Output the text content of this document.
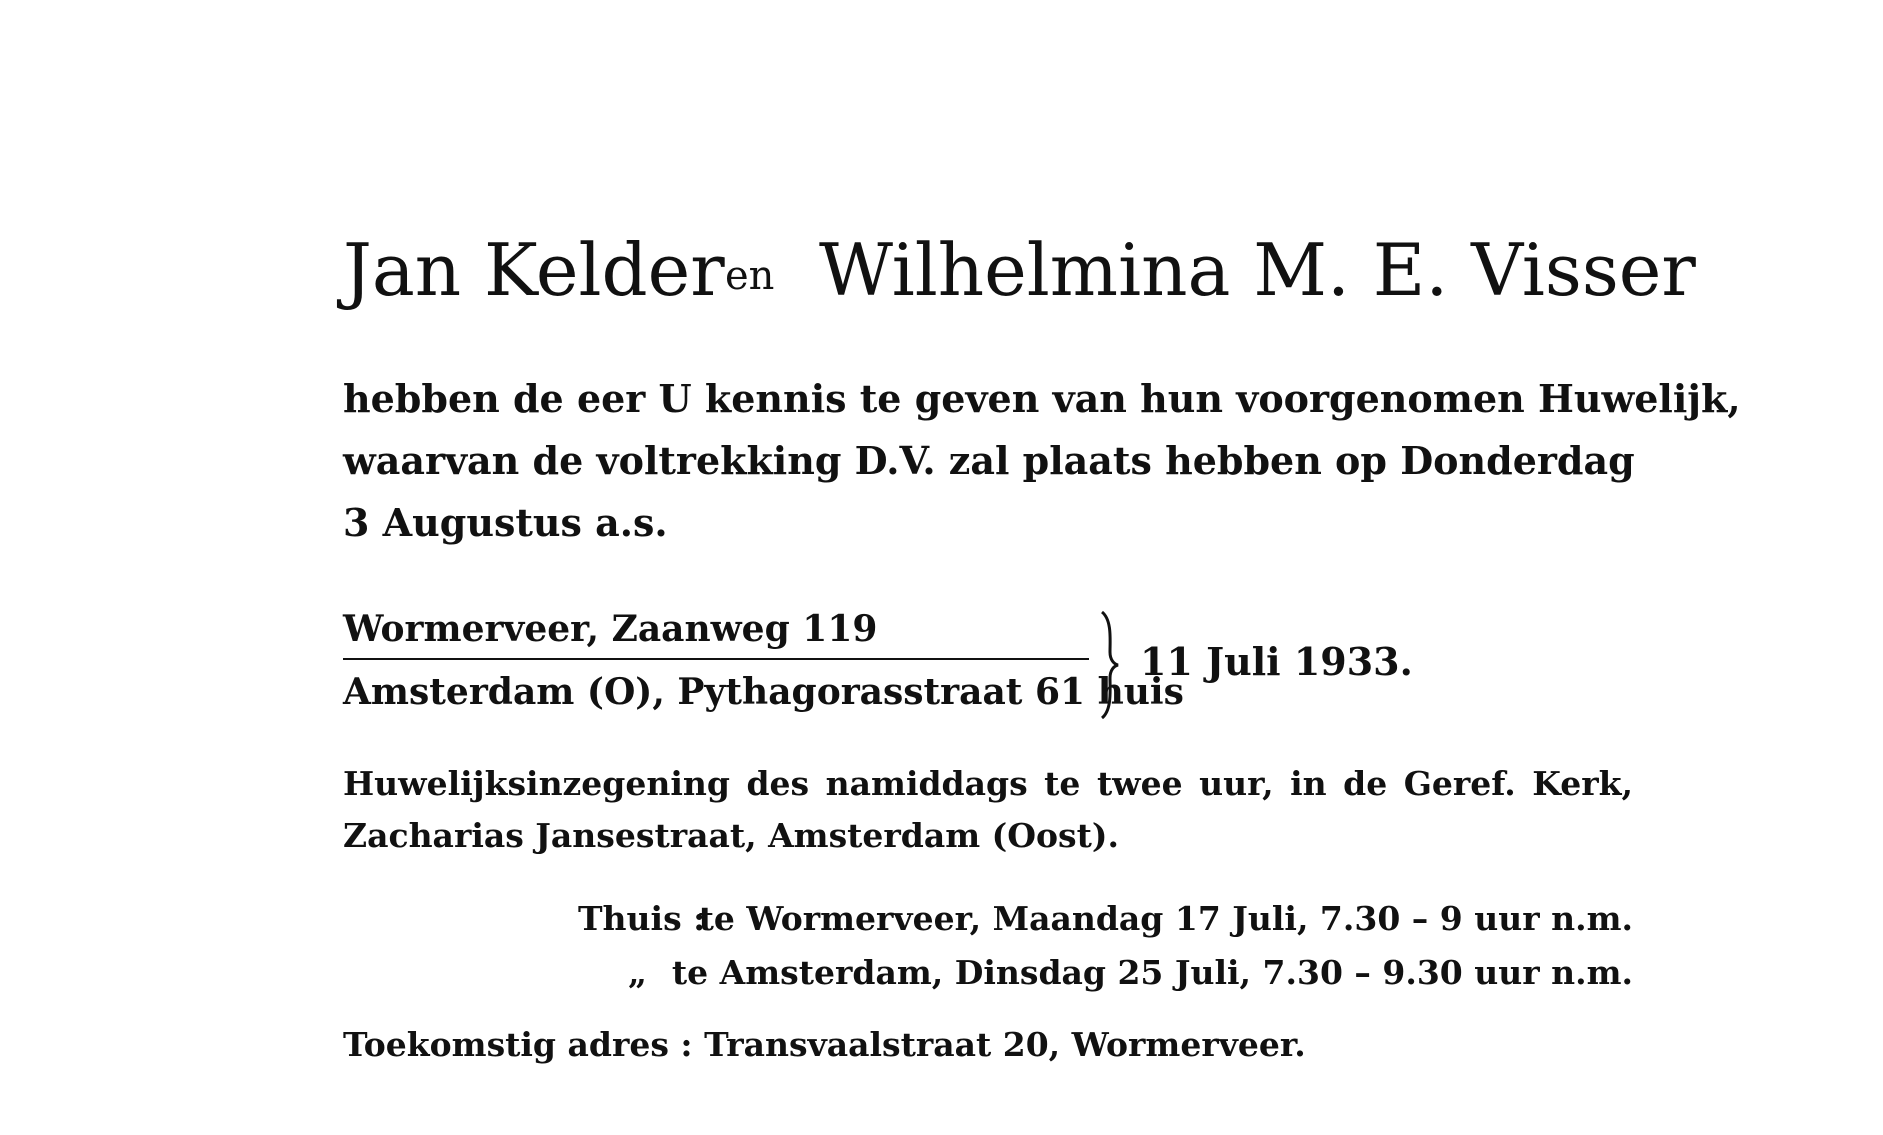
Jan Kelder en Wilhelmina M. E. Visser
hebben de eer U kennis te geven van hun voorgenomen Huwelijk,
waarvan de voltrekking D.V. zal plaats hebben op Donderdag
3 Augustus a.s.
Wormerveer, Zaanweg 119
Amsterdam (O), Pythagorasstraat 61 huis
11 Juli 1933.
Huwelijksinzegening des namiddags te twee uur, in de Geref. Kerk,
Zacharias Jansestraat, Amsterdam (Oost).
Thuis :
te Wormerveer, Maandag 17 Juli, 7.30 – 9 uur n.m.
„ te Amsterdam, Dinsdag 25 Juli, 7.30 – 9.30 uur n.m.
Toekomstig adres : Transvaalstraat 20, Wormerveer.
